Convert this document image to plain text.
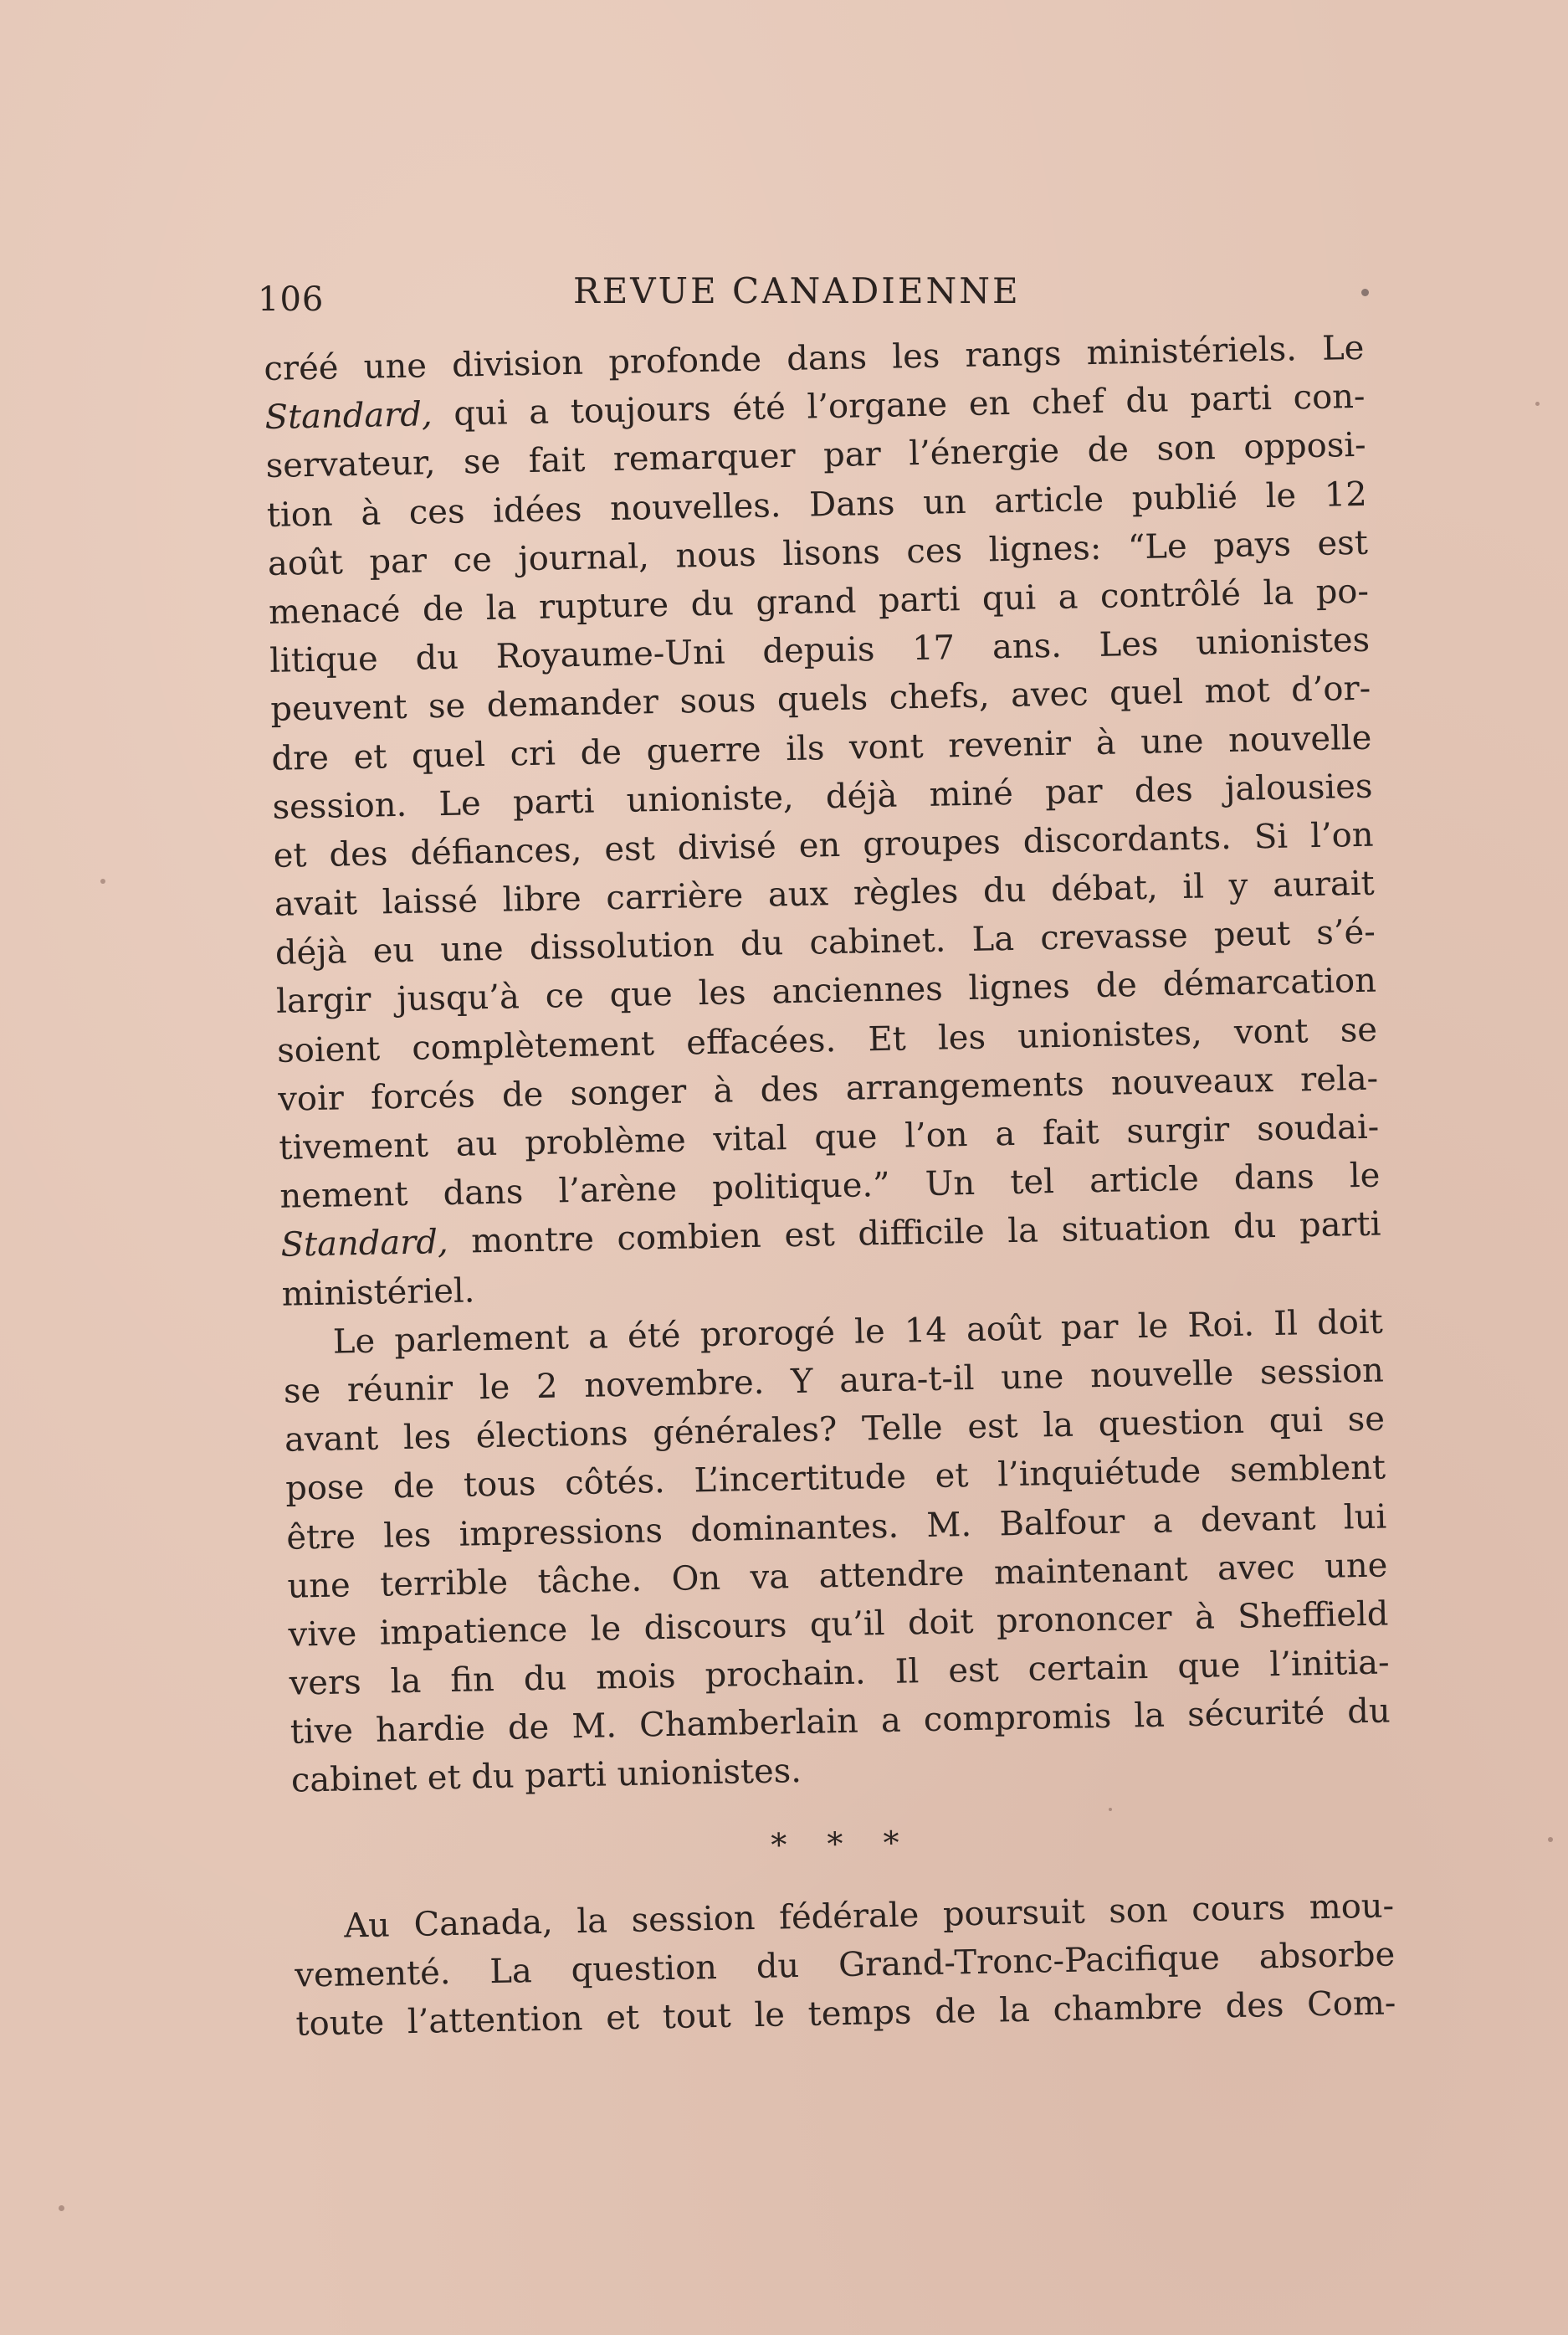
106	REVUE CANADIENNE
créé une division profonde dans les rangs ministériels. Le
Standard, qui a toujours été l’organe en chef du parti con-
servateur, se fait remarquer par l’énergie de son opposi-
tion à ces idées nouvelles. Dans un article publié le 12
août par ce journal, nous lisons ces lignes: “Le pays est
menacé de la rupture du grand parti qui a contrôlé la po-
litique du Royaume-Uni depuis 17 ans. Les unionistes
peuvent se demander sous quels chefs, avec quel mot d’or-
dre et quel cri de guerre ils vont revenir à une nouvelle
session. Le parti unioniste, déjà miné par des jalousies
et des défiances, est divisé en groupes discordants. Si l’on
avait laissé libre carrière aux règles du débat, il y aurait
déjà eu une dissolution du cabinet. La crevasse peut s’é-
largir jusqu’à ce que les anciennes lignes de démarcation
soient complètement effacées. Et les unionistes, vont se
voir forcés de songer à des arrangements nouveaux rela-
tivement au problème vital que l’on a fait surgir soudai-
nement dans l’arène politique.” Un tel article dans le
Standard, montre combien est difficile la situation du parti
ministériel.
Le parlement a été prorogé le 14 août par le Roi. Il doit
se réunir le 2 novembre. Y aura-t-il une nouvelle session
avant les élections générales? Telle est la question qui se
pose de tous côtés. L’incertitude et l’inquiétude semblent
être les impressions dominantes. M. Balfour a devant lui
une terrible tâche. On va attendre maintenant avec une
vive impatience le discours qu’il doit prononcer à Sheffield
vers la fin du mois prochain. Il est certain que l’initia-
tive hardie de M. Chamberlain a compromis la sécurité du
cabinet et du parti unionistes.
* * *
Au Canada, la session fédérale poursuit son cours mou-
vementé. La question du Grand-Tronc-Pacifique absorbe
toute l’attention et tout le temps de la chambre des Com-
